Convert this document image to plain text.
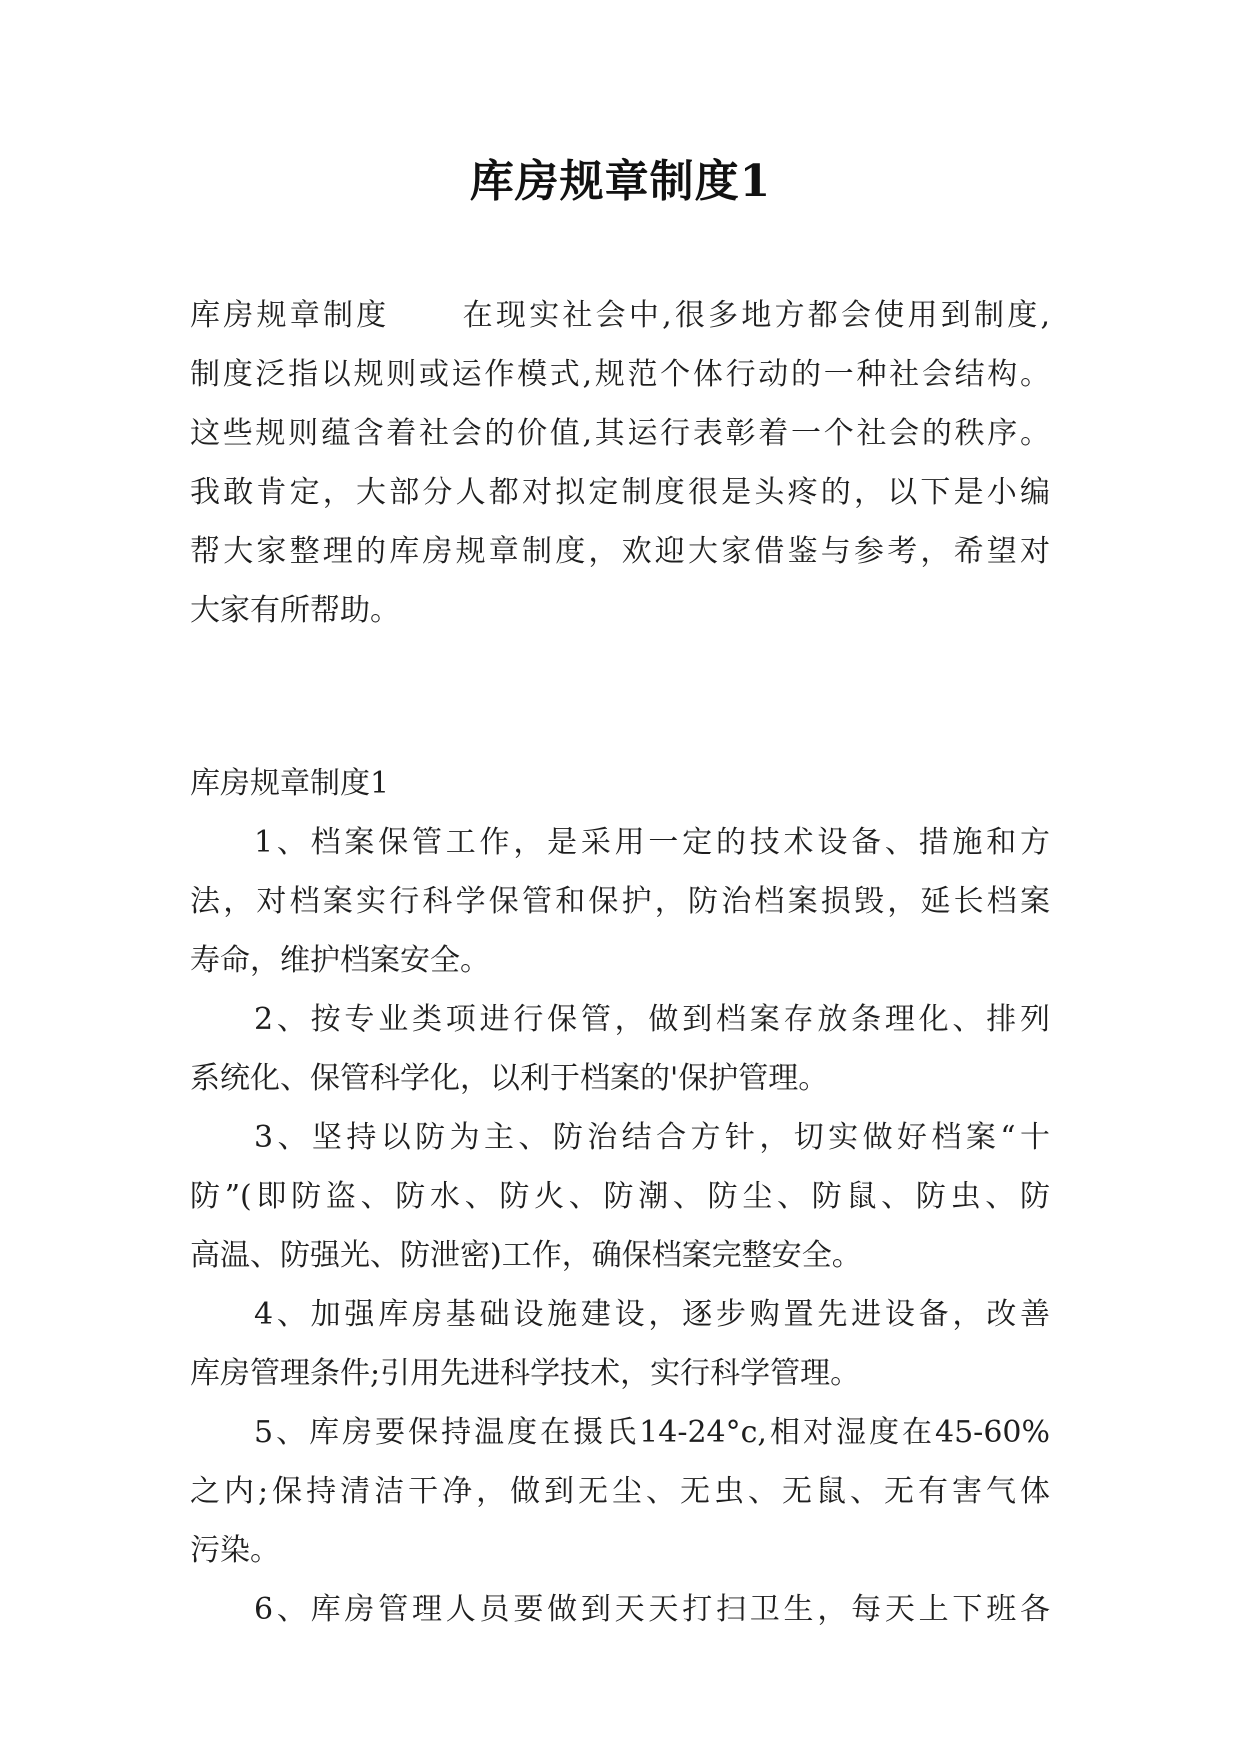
库房规章制度1
库房规章制度 在现实社会中,很多地方都会使用到制度,
制度泛指以规则或运作模式,规范个体行动的一种社会结构。
这些规则蕴含着社会的价值,其运行表彰着一个社会的秩序。
我敢肯定，大部分人都对拟定制度很是头疼的，以下是小编
帮大家整理的库房规章制度，欢迎大家借鉴与参考，希望对
大家有所帮助。
库房规章制度1
1、档案保管工作，是采用一定的技术设备、措施和方
法，对档案实行科学保管和保护，防治档案损毁，延长档案
寿命，维护档案安全。
2、按专业类项进行保管，做到档案存放条理化、排列
系统化、保管科学化，以利于档案的'保护管理。
3、坚持以防为主、防治结合方针，切实做好档案“十
防”(即防盗、防水、防火、防潮、防尘、防鼠、防虫、防
高温、防强光、防泄密)工作，确保档案完整安全。
4、加强库房基础设施建设，逐步购置先进设备，改善
库房管理条件;引用先进科学技术，实行科学管理。
5、库房要保持温度在摄氏14-24°c,相对湿度在45-60%
之内;保持清洁干净，做到无尘、无虫、无鼠、无有害气体
污染。
6、库房管理人员要做到天天打扫卫生，每天上下班各
